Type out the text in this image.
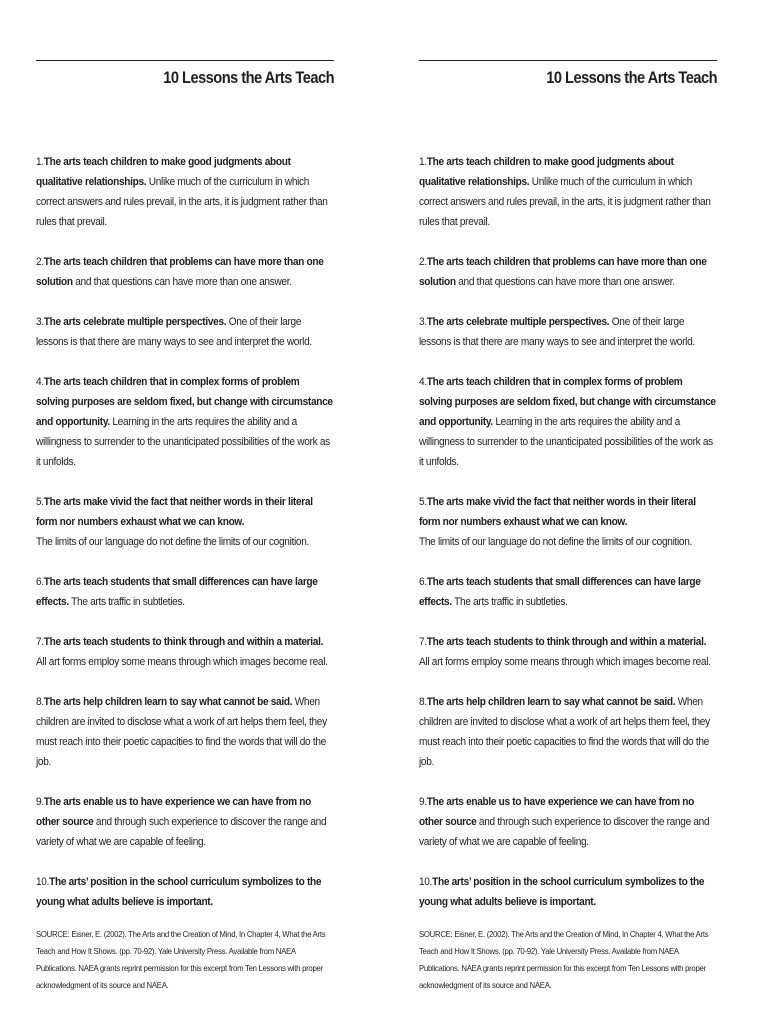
10 Lessons the Arts Teach
1.The arts teach children to make good judgments about qualitative relationships. Unlike much of the curriculum in which correct answers and rules prevail, in the arts, it is judgment rather than rules that prevail.
2.The arts teach children that problems can have more than one solution and that questions can have more than one answer.
3.The arts celebrate multiple perspectives. One of their large lessons is that there are many ways to see and interpret the world.
4.The arts teach children that in complex forms of problem solving purposes are seldom fixed, but change with circumstance and opportunity. Learning in the arts requires the ability and a willingness to surrender to the unanticipated possibilities of the work as it unfolds.
5.The arts make vivid the fact that neither words in their literal form nor numbers exhaust what we can know.
The limits of our language do not define the limits of our cognition.
6.The arts teach students that small differences can have large effects. The arts traffic in subtleties.
7.The arts teach students to think through and within a material.
All art forms employ some means through which images become real.
8.The arts help children learn to say what cannot be said. When children are invited to disclose what a work of art helps them feel, they must reach into their poetic capacities to find the words that will do the job.
9.The arts enable us to have experience we can have from no other source and through such experience to discover the range and variety of what we are capable of feeling.
10.The arts’ position in the school curriculum symbolizes to the young what adults believe is important.
SOURCE: Eisner, E. (2002). The Arts and the Creation of Mind, In Chapter 4, What the Arts Teach and How It Shows. (pp. 70-92). Yale University Press. Available from NAEA Publications. NAEA grants reprint permission for this excerpt from Ten Lessons with proper acknowledgment of its source and NAEA.
10 Lessons the Arts Teach
1.The arts teach children to make good judgments about qualitative relationships. Unlike much of the curriculum in which correct answers and rules prevail, in the arts, it is judgment rather than rules that prevail.
2.The arts teach children that problems can have more than one solution and that questions can have more than one answer.
3.The arts celebrate multiple perspectives. One of their large lessons is that there are many ways to see and interpret the world.
4.The arts teach children that in complex forms of problem solving purposes are seldom fixed, but change with circumstance and opportunity. Learning in the arts requires the ability and a willingness to surrender to the unanticipated possibilities of the work as it unfolds.
5.The arts make vivid the fact that neither words in their literal form nor numbers exhaust what we can know.
The limits of our language do not define the limits of our cognition.
6.The arts teach students that small differences can have large effects. The arts traffic in subtleties.
7.The arts teach students to think through and within a material.
All art forms employ some means through which images become real.
8.The arts help children learn to say what cannot be said. When children are invited to disclose what a work of art helps them feel, they must reach into their poetic capacities to find the words that will do the job.
9.The arts enable us to have experience we can have from no other source and through such experience to discover the range and variety of what we are capable of feeling.
10.The arts’ position in the school curriculum symbolizes to the young what adults believe is important.
SOURCE: Eisner, E. (2002). The Arts and the Creation of Mind, In Chapter 4, What the Arts Teach and How It Shows. (pp. 70-92). Yale University Press. Available from NAEA Publications. NAEA grants reprint permission for this excerpt from Ten Lessons with proper acknowledgment of its source and NAEA.
